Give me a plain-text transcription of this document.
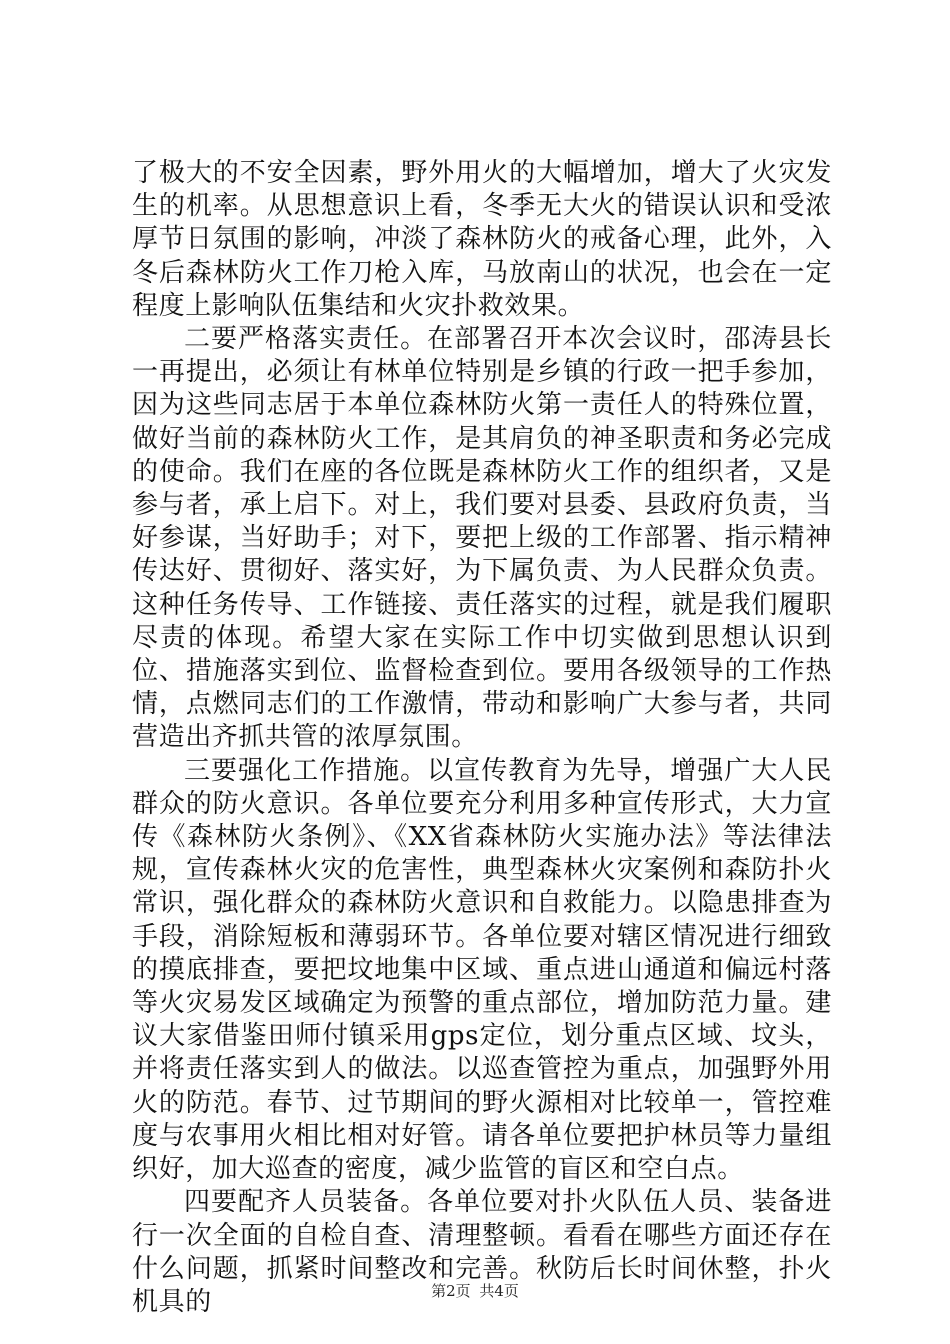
了极大的不安全因素，野外用火的大幅增加，增大了火灾发生的机率。从思想意识上看，冬季无大火的错误认识和受浓厚节日氛围的影响，冲淡了森林防火的戒备心理，此外，入冬后森林防火工作刀枪入库，马放南山的状况，也会在一定程度上影响队伍集结和火灾扑救效果。

二要严格落实责任。在部署召开本次会议时，邵涛县长一再提出，必须让有林单位特别是乡镇的行政一把手参加，因为这些同志居于本单位森林防火第一责任人的特殊位置，做好当前的森林防火工作，是其肩负的神圣职责和务必完成的使命。我们在座的各位既是森林防火工作的组织者，又是参与者，承上启下。对上，我们要对县委、县政府负责，当好参谋，当好助手；对下，要把上级的工作部署、指示精神传达好、贯彻好、落实好，为下属负责、为人民群众负责。这种任务传导、工作链接、责任落实的过程，就是我们履职尽责的体现。希望大家在实际工作中切实做到思想认识到位、措施落实到位、监督检查到位。要用各级领导的工作热情，点燃同志们的工作激情，带动和影响广大参与者，共同营造出齐抓共管的浓厚氛围。

三要强化工作措施。以宣传教育为先导，增强广大人民群众的防火意识。各单位要充分利用多种宣传形式，大力宣传《森林防火条例》、《XX省森林防火实施办法》等法律法规，宣传森林火灾的危害性，典型森林火灾案例和森防扑火常识，强化群众的森林防火意识和自救能力。以隐患排查为手段，消除短板和薄弱环节。各单位要对辖区情况进行细致的摸底排查，要把坟地集中区域、重点进山通道和偏远村落等火灾易发区域确定为预警的重点部位，增加防范力量。建议大家借鉴田师付镇采用gps定位，划分重点区域、坟头，并将责任落实到人的做法。以巡查管控为重点，加强野外用火的防范。春节、过节期间的野火源相对比较单一，管控难度与农事用火相比相对好管。请各单位要把护林员等力量组织好，加大巡查的密度，减少监管的盲区和空白点。

四要配齐人员装备。各单位要对扑火队伍人员、装备进行一次全面的自检自查、清理整顿。看看在哪些方面还存在什么问题，抓紧时间整改和完善。秋防后长时间休整，扑火机具的	第2页 共4页
